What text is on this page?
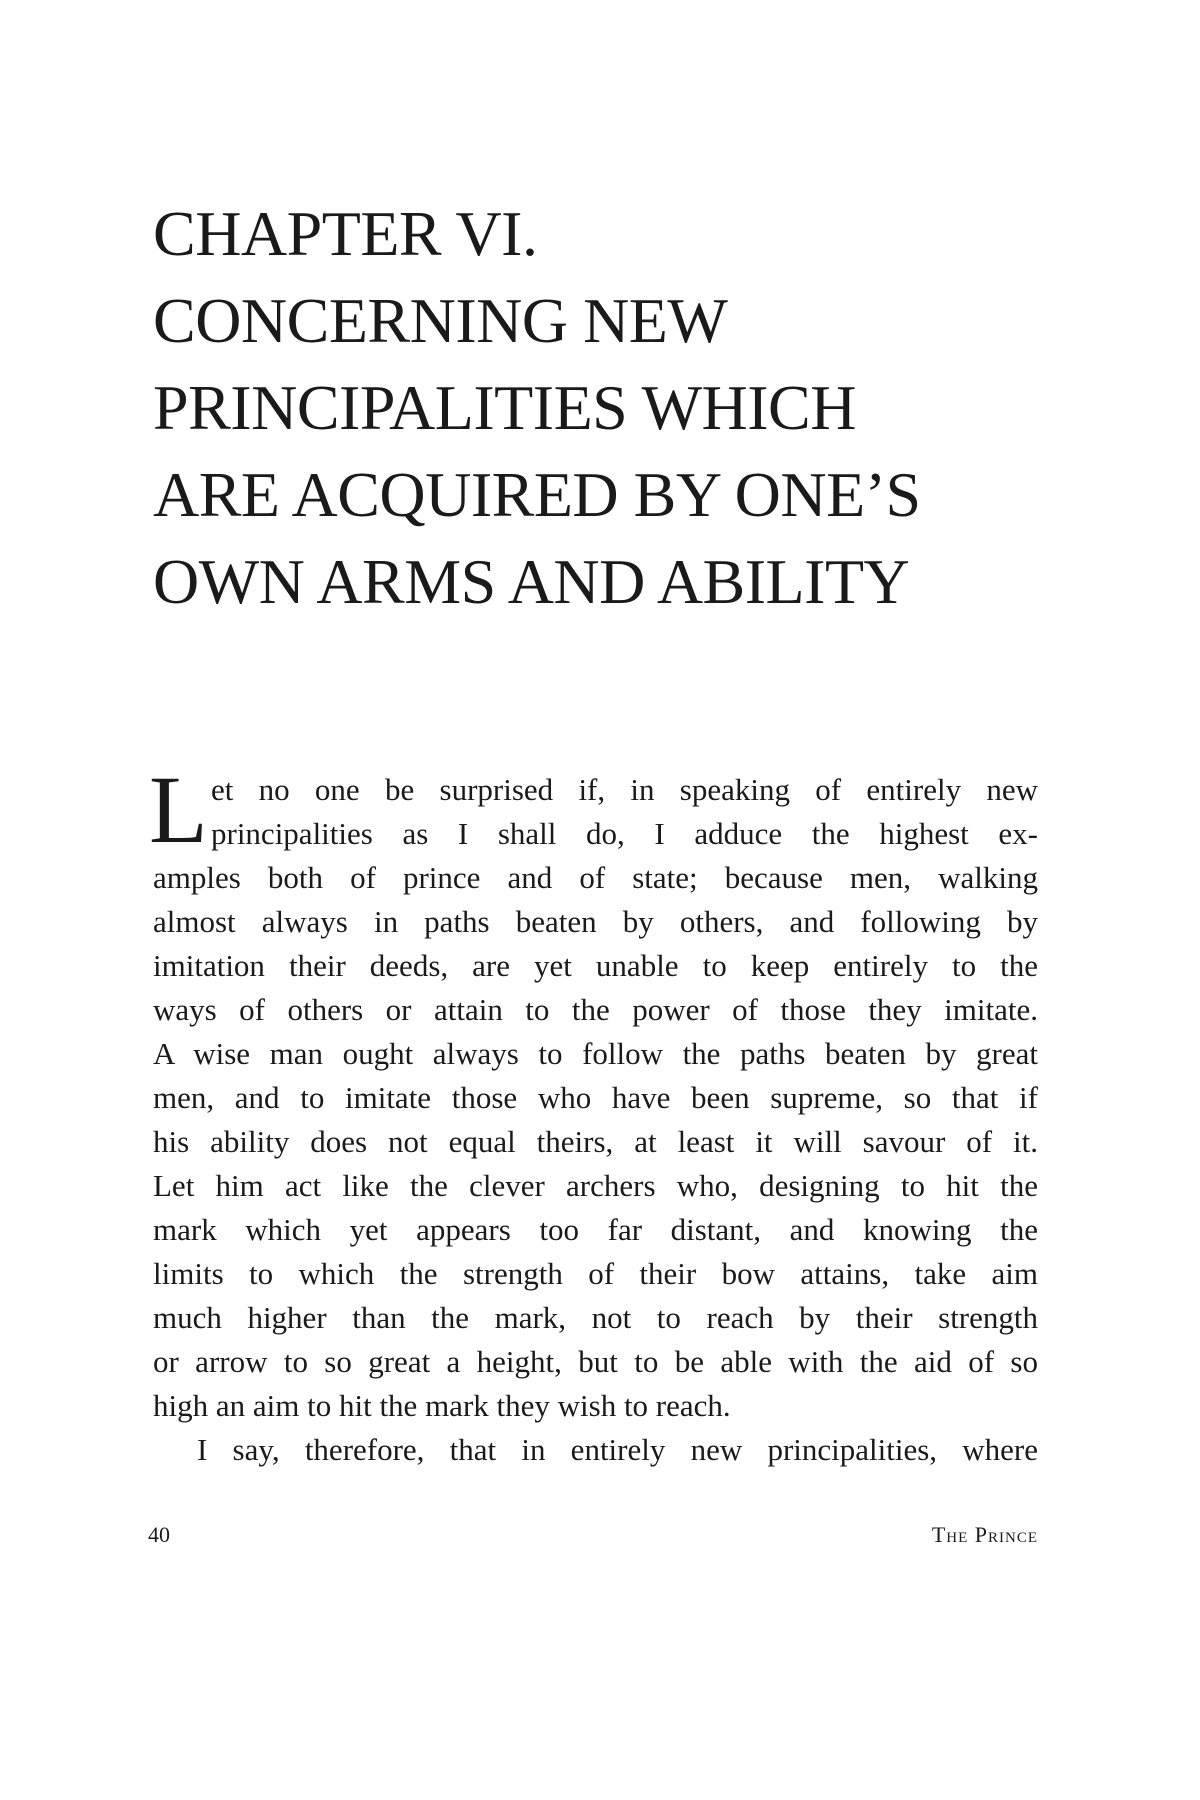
CHAPTER VI.
CONCERNING NEW
PRINCIPALITIES WHICH
ARE ACQUIRED BY ONE’S
OWN ARMS AND ABILITY
L et no one be surprised if, in speaking of entirely new
principalities as I shall do, I adduce the highest ex-
amples both of prince and of state; because men, walking
almost always in paths beaten by others, and following by
imitation their deeds, are yet unable to keep entirely to the
ways of others or attain to the power of those they imitate.
A wise man ought always to follow the paths beaten by great
men, and to imitate those who have been supreme, so that if
his ability does not equal theirs, at least it will savour of it.
Let him act like the clever archers who, designing to hit the
mark which yet appears too far distant, and knowing the
limits to which the strength of their bow attains, take aim
much higher than the mark, not to reach by their strength
or arrow to so great a height, but to be able with the aid of so
high an aim to hit the mark they wish to reach.
I say, therefore, that in entirely new principalities, where
40	The Prince
